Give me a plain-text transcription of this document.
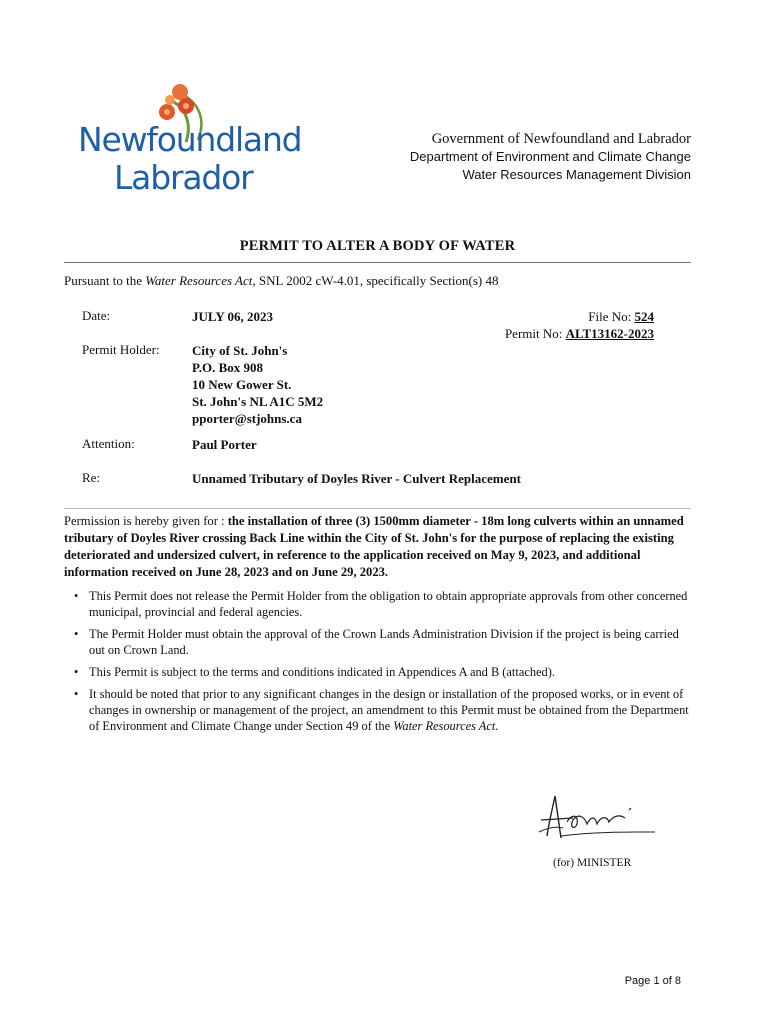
Newfoundland
Labrador
Government of Newfoundland and Labrador
Department of Environment and Climate Change
Water Resources Management Division
PERMIT TO ALTER A BODY OF WATER
Pursuant to the Water Resources Act, SNL 2002 cW-4.01, specifically Section(s) 48
Date:	JULY 06, 2023	File No: 524
Permit No: ALT13162-2023
Permit Holder: City of St. John's
P.O. Box 908
10 New Gower St.
St. John's NL A1C 5M2
pporter@stjohns.ca
Attention:	Paul Porter
Re:	Unnamed Tributary of Doyles River - Culvert Replacement
Permission is hereby given for : the installation of three (3) 1500mm diameter - 18m long culverts within an unnamed tributary of Doyles River crossing Back Line within the City of St. John's for the purpose of replacing the existing deteriorated and undersized culvert, in reference to the application received on May 9, 2023, and additional information received on June 28, 2023 and on June 29, 2023.
• This Permit does not release the Permit Holder from the obligation to obtain appropriate approvals from other concerned municipal, provincial and federal agencies.
• The Permit Holder must obtain the approval of the Crown Lands Administration Division if the project is being carried out on Crown Land.
• This Permit is subject to the terms and conditions indicated in Appendices A and B (attached).
• It should be noted that prior to any significant changes in the design or installation of the proposed works, or in event of changes in ownership or management of the project, an amendment to this Permit must be obtained from the Department of Environment and Climate Change under Section 49 of the Water Resources Act.
(for) MINISTER
Page 1 of 8
